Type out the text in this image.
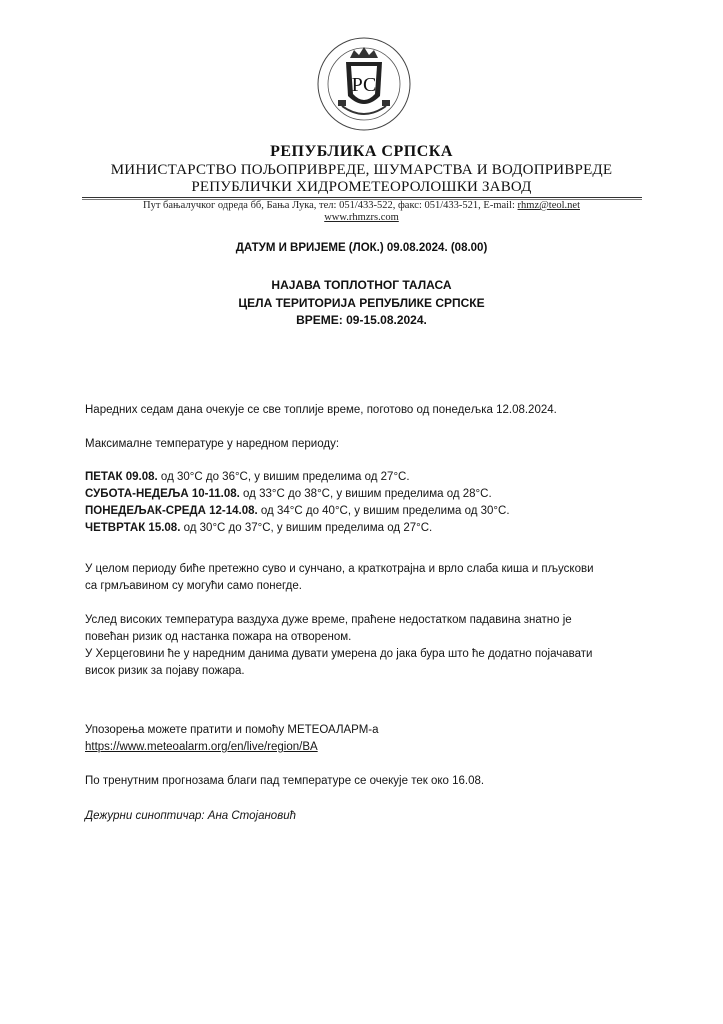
РС
РЕПУБЛИКА СРПСКА
МИНИСТАРСТВО ПОЉОПРИВРЕДЕ, ШУМАРСТВА И ВОДОПРИВРЕДЕ
РЕПУБЛИЧКИ ХИДРОМЕТЕОРОЛОШКИ ЗАВОД
Пут бањалучког одреда бб, Бања Лука, тел: 051/433-522, факс: 051/433-521, E-mail: rhmz@teol.net
www.rhmzrs.com
ДАТУМ И ВРИЈЕМЕ (ЛОК.) 09.08.2024. (08.00)
НАЈАВА ТОПЛОТНОГ ТАЛАСА
ЦЕЛА ТЕРИТОРИЈА РЕПУБЛИКЕ СРПСКЕ
ВРЕМЕ: 09-15.08.2024.
Наредних седам дана очекује се све топлије време, поготово од понедељка 12.08.2024.
Максималне температуре у наредном периоду:
ПЕТАК 09.08. од 30°C до 36°C, у вишим пределима од 27°C.
СУБОТА-НЕДЕЉА 10-11.08. од 33°C до 38°C, у вишим пределима од 28°C.
ПОНЕДЕЉАК-СРЕДА 12-14.08. од 34°C до 40°C, у вишим пределима од 30°C.
ЧЕТВРТАК 15.08. од 30°C до 37°C, у вишим пределима од 27°C.
У целом периоду биће претежно суво и сунчано, а краткотрајна и врло слаба киша и пљускови
са грмљавином су могући само понегде.
Услед високих температура ваздуха дуже време, праћене недостатком падавина знатно је
повећан ризик од настанка пожара на отвореном.
У Херцеговини ће у наредним данима дувати умерена до јака бура што ће додатно појачавати
висок ризик за појаву пожара.
Упозорења можете пратити и помоћу МЕТЕОАЛАРМ-а
https://www.meteoalarm.org/en/live/region/BA
По тренутним прогнозама благи пад температуре се очекује тек око 16.08.
Дежурни синоптичар: Ана Стојановић
